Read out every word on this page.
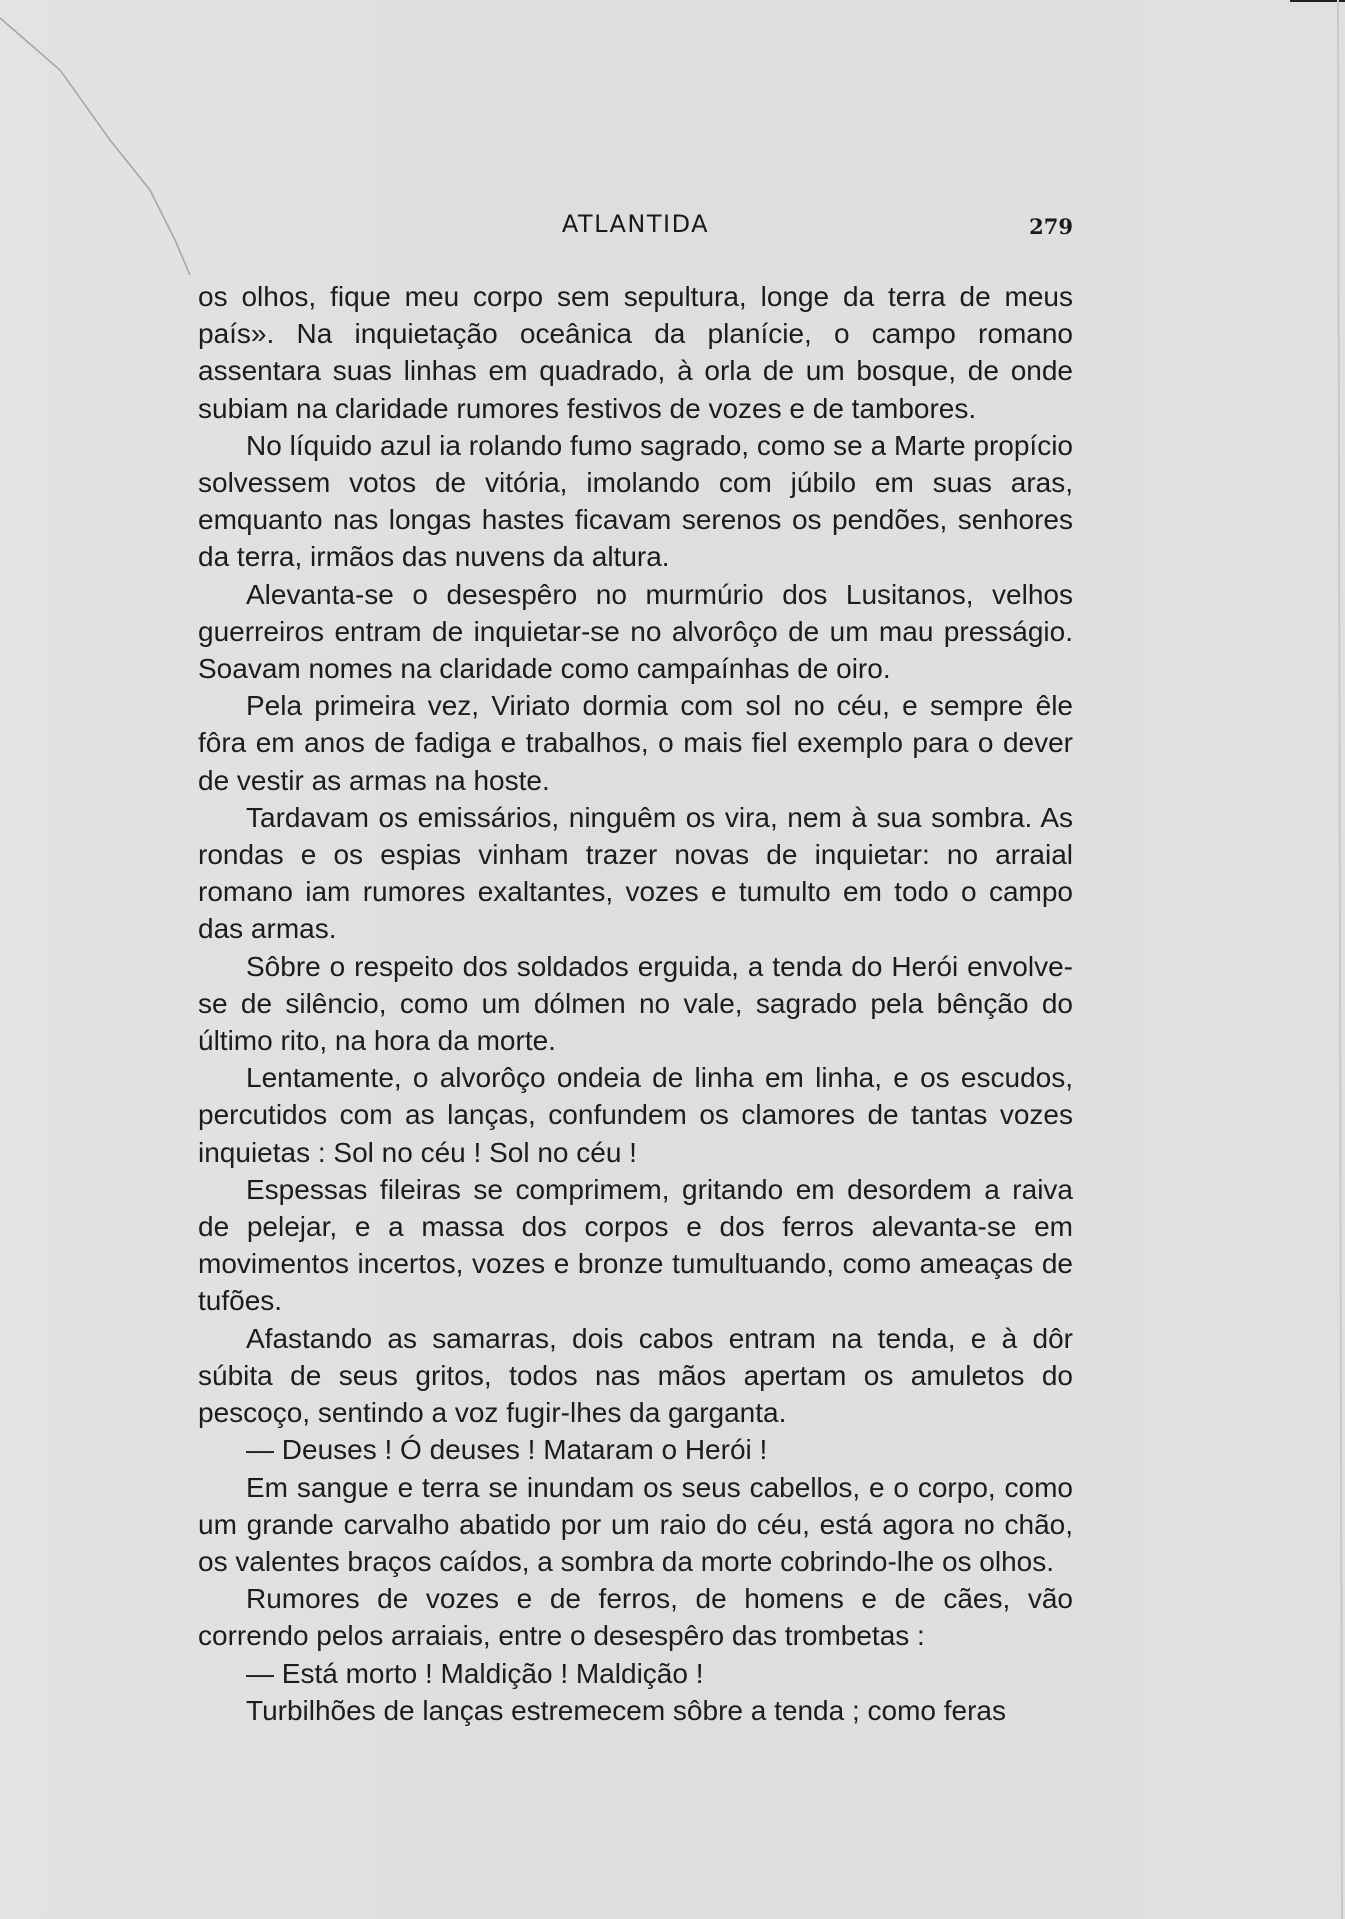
ATLANTIDA	279

os olhos, fique meu corpo sem sepultura, longe da terra de meus país». Na inquietação oceânica da planície, o campo romano assentara suas linhas em quadrado, à orla de um bosque, de onde subiam na claridade rumores festivos de vozes e de tambores.

No líquido azul ia rolando fumo sagrado, como se a Marte propício solvessem votos de vitória, imolando com júbilo em suas aras, emquanto nas longas hastes ficavam serenos os pendões, senhores da terra, irmãos das nuvens da altura.

Alevanta-se o desespêro no murmúrio dos Lusitanos, velhos guerreiros entram de inquietar-se no alvorôço de um mau presságio. Soavam nomes na claridade como campaínhas de oiro.

Pela primeira vez, Viriato dormia com sol no céu, e sempre êle fôra em anos de fadiga e trabalhos, o mais fiel exemplo para o dever de vestir as armas na hoste.

Tardavam os emissários, ninguêm os vira, nem à sua sombra. As rondas e os espias vinham trazer novas de inquietar: no arraial romano iam rumores exaltantes, vozes e tumulto em todo o campo das armas.

Sôbre o respeito dos soldados erguida, a tenda do Herói envolve-se de silêncio, como um dólmen no vale, sagrado pela bênção do último rito, na hora da morte.

Lentamente, o alvorôço ondeia de linha em linha, e os escudos, percutidos com as lanças, confundem os clamores de tantas vozes inquietas : Sol no céu ! Sol no céu !

Espessas fileiras se comprimem, gritando em desordem a raiva de pelejar, e a massa dos corpos e dos ferros alevanta-se em movimentos incertos, vozes e bronze tumultuando, como ameaças de tufões.

Afastando as samarras, dois cabos entram na tenda, e à dôr súbita de seus gritos, todos nas mãos apertam os amuletos do pescoço, sentindo a voz fugir-lhes da garganta.

— Deuses ! Ó deuses ! Mataram o Herói !

Em sangue e terra se inundam os seus cabellos, e o corpo, como um grande carvalho abatido por um raio do céu, está agora no chão, os valentes braços caídos, a sombra da morte cobrindo-lhe os olhos.

Rumores de vozes e de ferros, de homens e de cães, vão correndo pelos arraiais, entre o desespêro das trombetas :

— Está morto ! Maldição ! Maldição !

Turbilhões de lanças estremecem sôbre a tenda ; como feras
